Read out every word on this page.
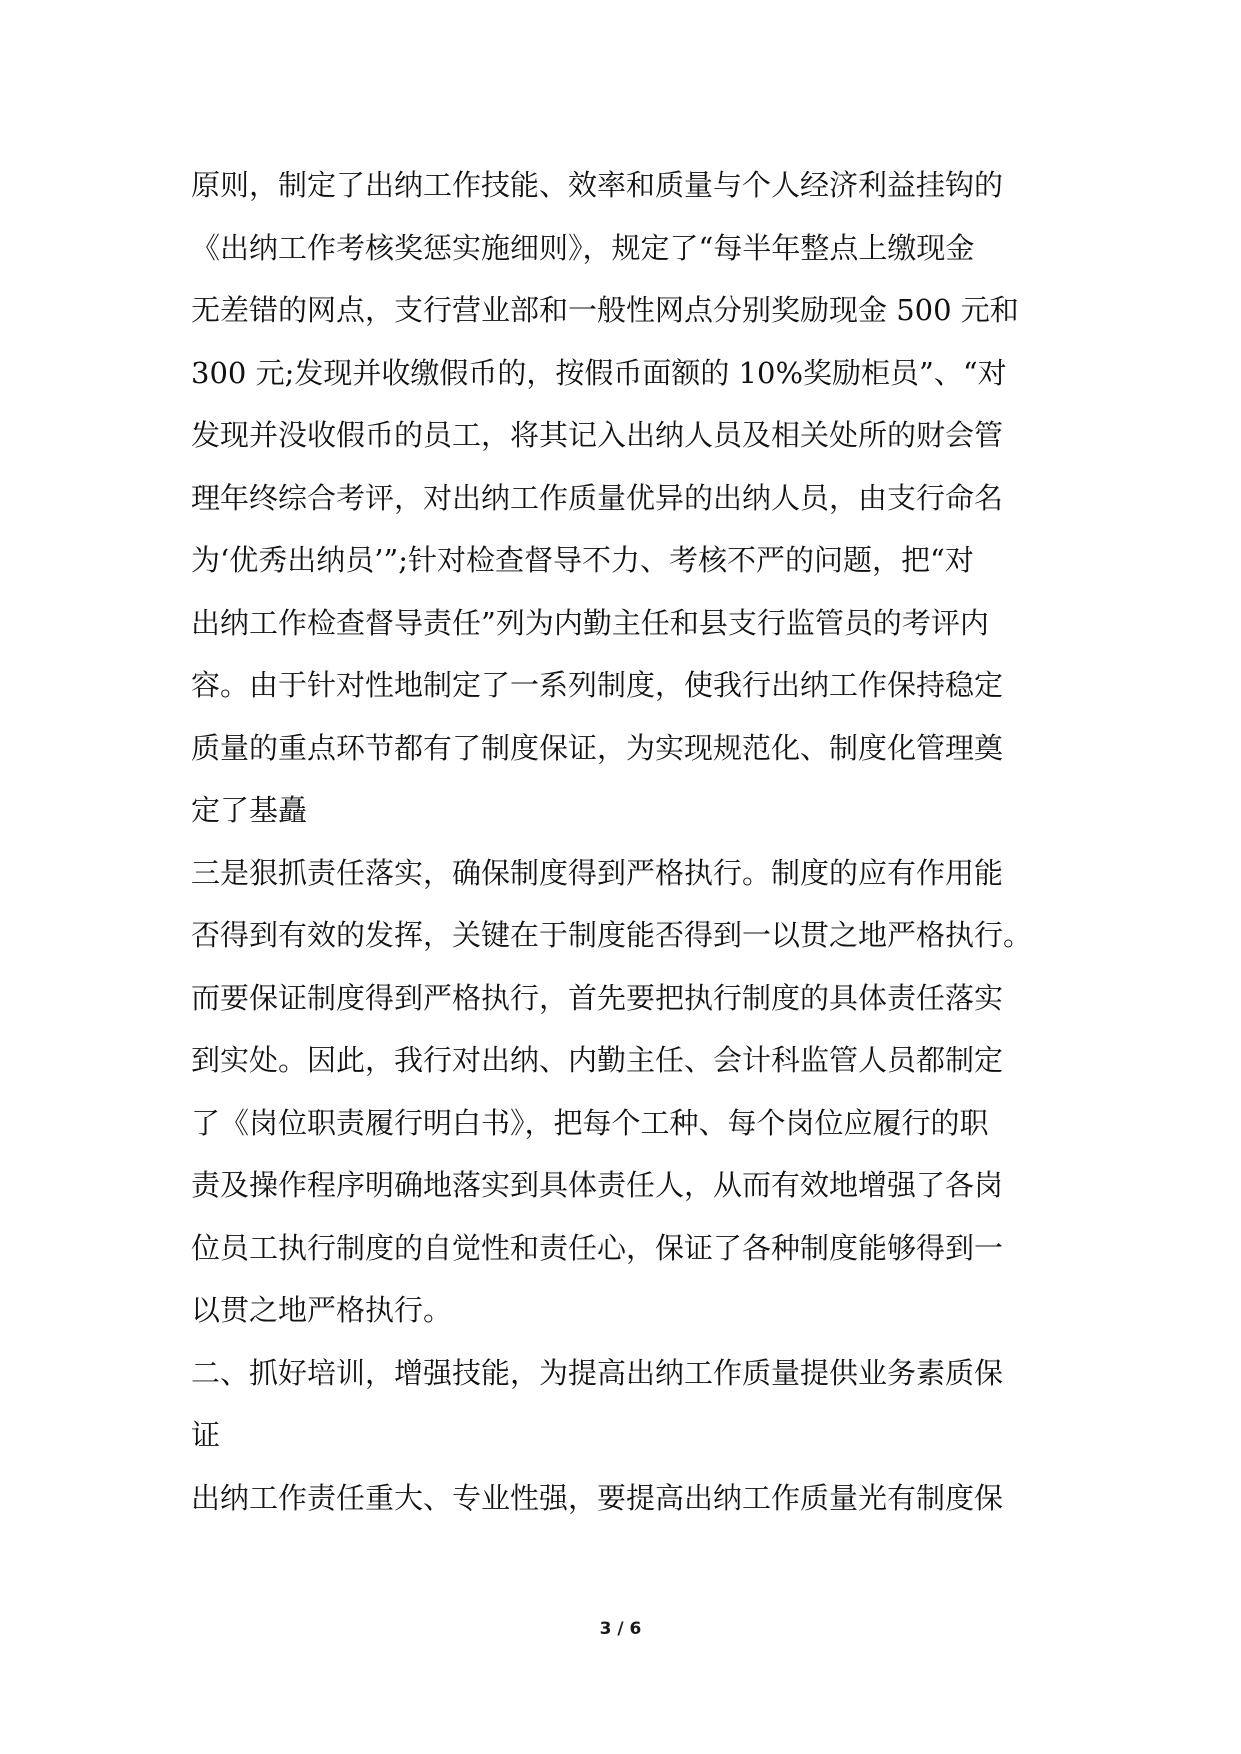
原则，制定了出纳工作技能、效率和质量与个人经济利益挂钩的
《出纳工作考核奖惩实施细则》，规定了“每半年整点上缴现金
无差错的网点，支行营业部和一般性网点分别奖励现金 500 元和
300 元;发现并收缴假币的，按假币面额的 10%奖励柜员”、“对
发现并没收假币的员工，将其记入出纳人员及相关处所的财会管
理年终综合考评，对出纳工作质量优异的出纳人员，由支行命名
为‘优秀出纳员’”;针对检查督导不力、考核不严的问题，把“对
出纳工作检查督导责任”列为内勤主任和县支行监管员的考评内
容。由于针对性地制定了一系列制度，使我行出纳工作保持稳定
质量的重点环节都有了制度保证，为实现规范化、制度化管理奠
定了基矗
三是狠抓责任落实，确保制度得到严格执行。制度的应有作用能
否得到有效的发挥，关键在于制度能否得到一以贯之地严格执行。
而要保证制度得到严格执行，首先要把执行制度的具体责任落实
到实处。因此，我行对出纳、内勤主任、会计科监管人员都制定
了《岗位职责履行明白书》，把每个工种、每个岗位应履行的职
责及操作程序明确地落实到具体责任人，从而有效地增强了各岗
位员工执行制度的自觉性和责任心，保证了各种制度能够得到一
以贯之地严格执行。
二、抓好培训，增强技能，为提高出纳工作质量提供业务素质保
证
出纳工作责任重大、专业性强，要提高出纳工作质量光有制度保
3 / 6
